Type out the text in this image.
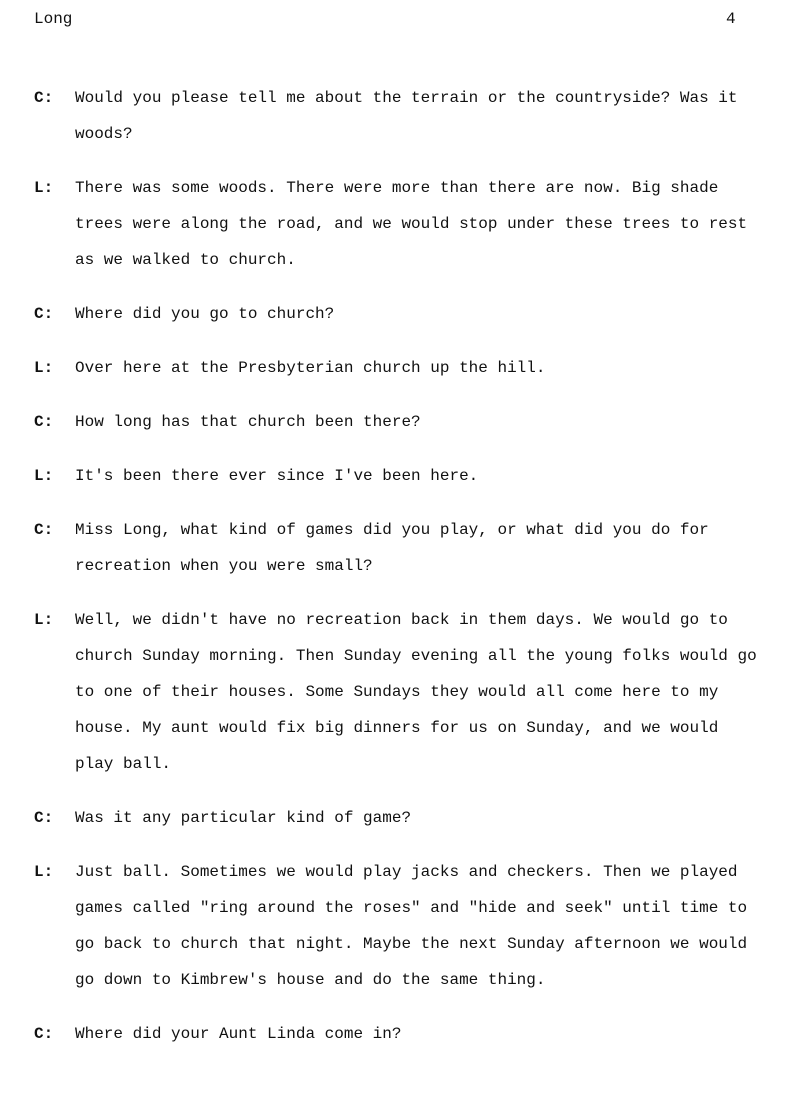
Long	4
C:	Would you please tell me about the terrain or the countryside? Was it woods?
L:	There was some woods. There were more than there are now. Big shade trees were along the road, and we would stop under these trees to rest as we walked to church.
C:	Where did you go to church?
L:	Over here at the Presbyterian church up the hill.
C:	How long has that church been there?
L:	It's been there ever since I've been here.
C:	Miss Long, what kind of games did you play, or what did you do for recreation when you were small?
L:	Well, we didn't have no recreation back in them days. We would go to church Sunday morning. Then Sunday evening all the young folks would go to one of their houses. Some Sundays they would all come here to my house. My aunt would fix big dinners for us on Sunday, and we would play ball.
C:	Was it any particular kind of game?
L:	Just ball. Sometimes we would play jacks and checkers. Then we played games called "ring around the roses" and "hide and seek" until time to go back to church that night. Maybe the next Sunday afternoon we would go down to Kimbrew's house and do the same thing.
C:	Where did your Aunt Linda come in?
